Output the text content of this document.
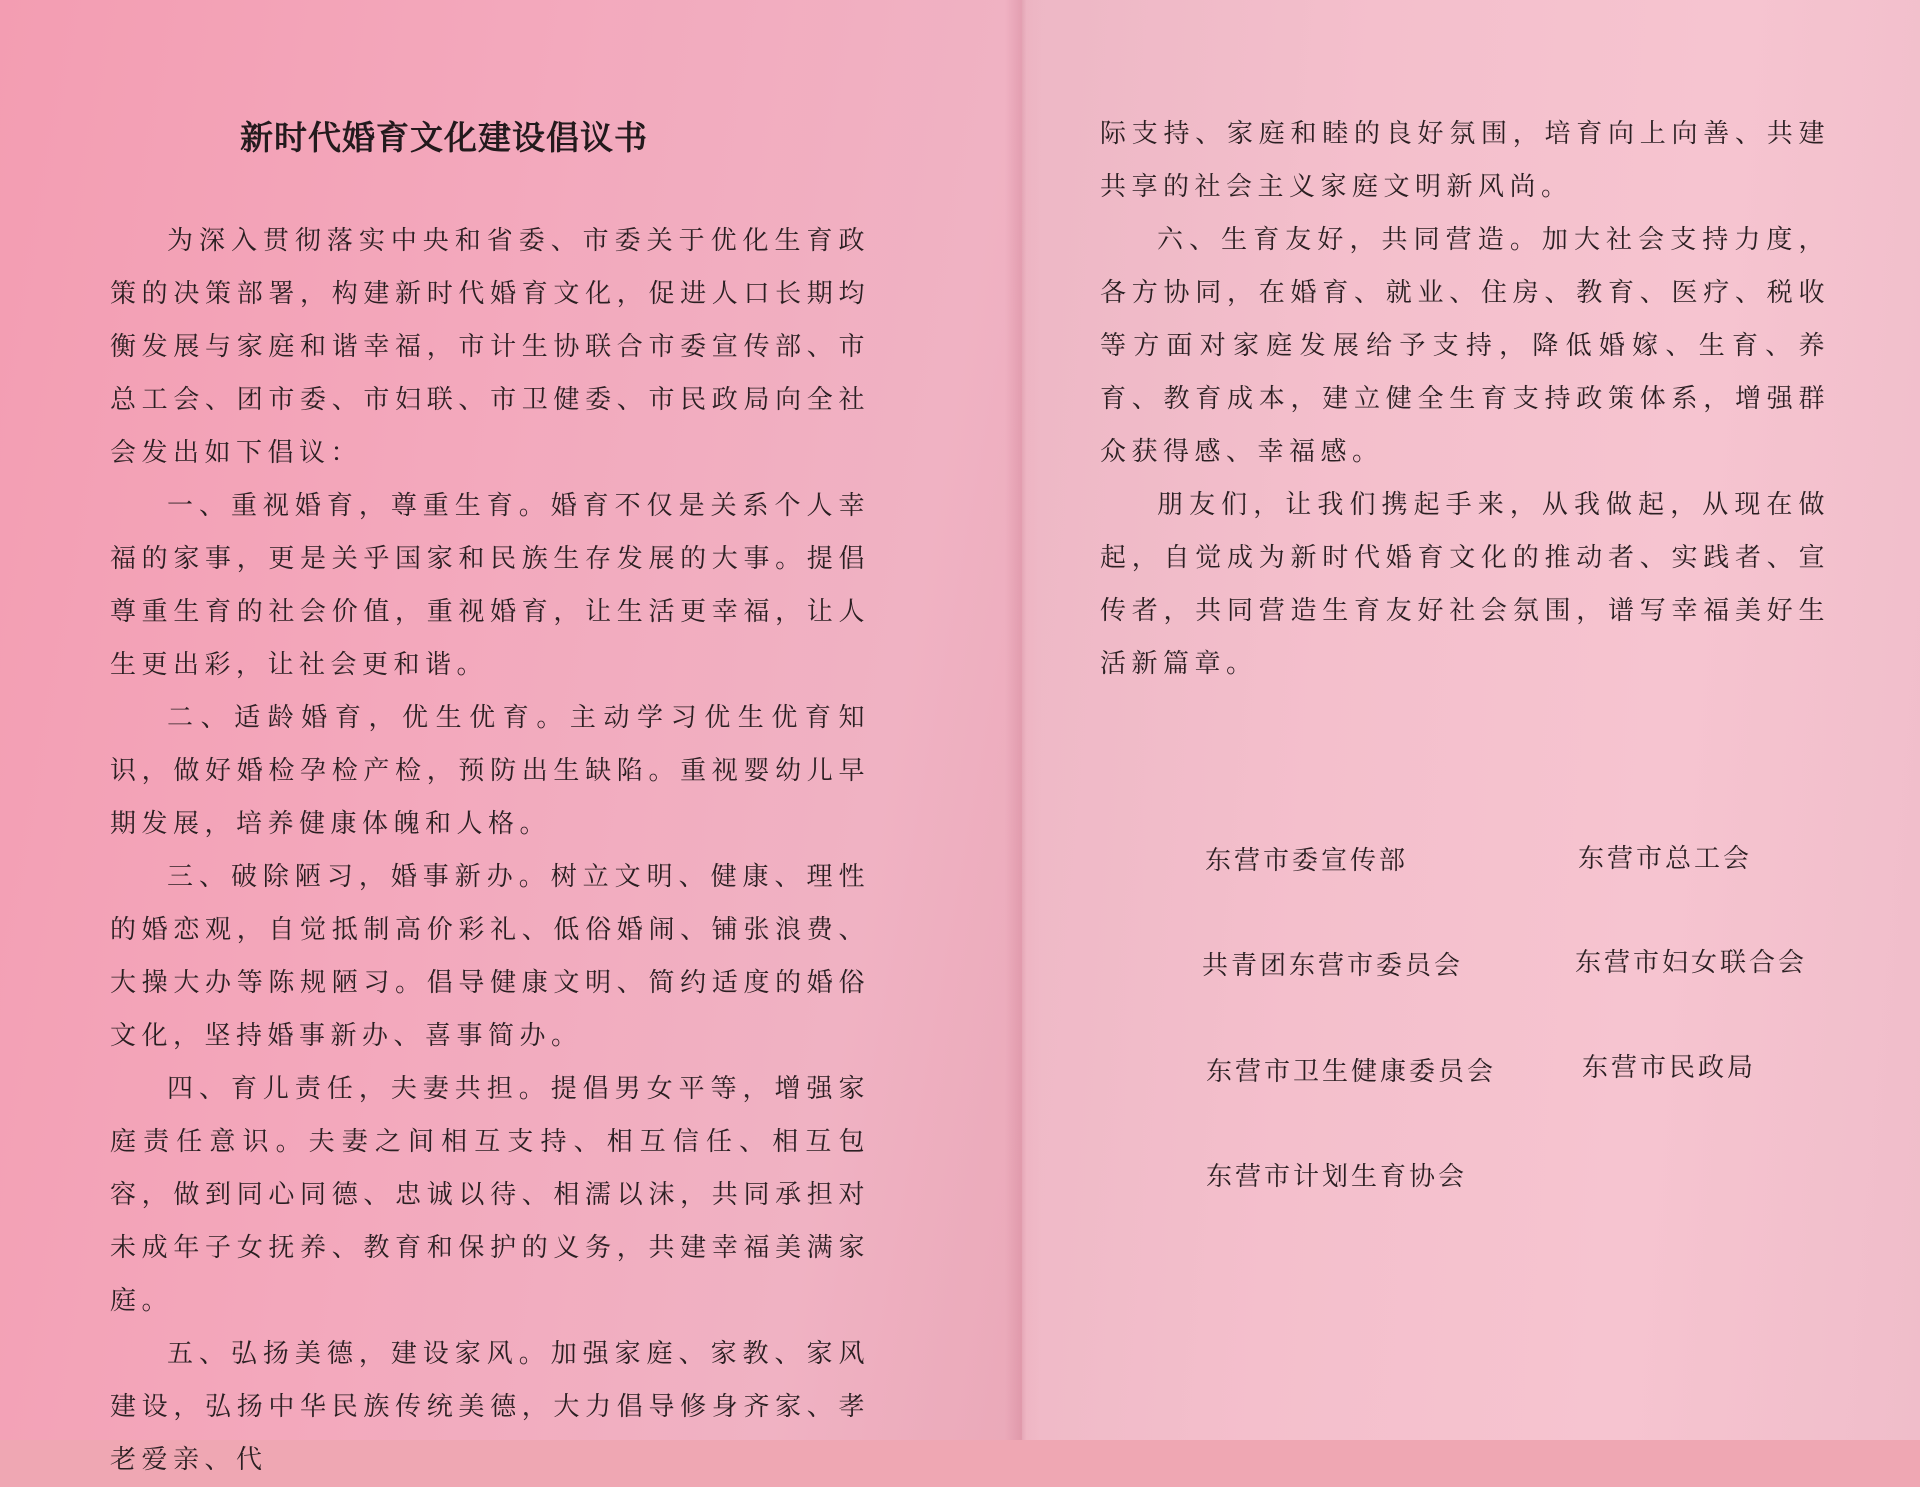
新时代婚育文化建设倡议书

为深入贯彻落实中央和省委、市委关于优化生育政策的决策部署，构建新时代婚育文化，促进人口长期均衡发展与家庭和谐幸福，市计生协联合市委宣传部、市总工会、团市委、市妇联、市卫健委、市民政局向全社会发出如下倡议：

一、重视婚育，尊重生育。婚育不仅是关系个人幸福的家事，更是关乎国家和民族生存发展的大事。提倡尊重生育的社会价值，重视婚育，让生活更幸福，让人生更出彩，让社会更和谐。

二、适龄婚育，优生优育。主动学习优生优育知识，做好婚检孕检产检，预防出生缺陷。重视婴幼儿早期发展，培养健康体魄和人格。

三、破除陋习，婚事新办。树立文明、健康、理性的婚恋观，自觉抵制高价彩礼、低俗婚闹、铺张浪费、大操大办等陈规陋习。倡导健康文明、简约适度的婚俗文化，坚持婚事新办、喜事简办。

四、育儿责任，夫妻共担。提倡男女平等，增强家庭责任意识。夫妻之间相互支持、相互信任、相互包容，做到同心同德、忠诚以待、相濡以沫，共同承担对未成年子女抚养、教育和保护的义务，共建幸福美满家庭。

五、弘扬美德，建设家风。加强家庭、家教、家风建设，弘扬中华民族传统美德，大力倡导修身齐家、孝老爱亲、代

际支持、家庭和睦的良好氛围，培育向上向善、共建共享的社会主义家庭文明新风尚。

六、生育友好，共同营造。加大社会支持力度，各方协同，在婚育、就业、住房、教育、医疗、税收等方面对家庭发展给予支持，降低婚嫁、生育、养育、教育成本，建立健全生育支持政策体系，增强群众获得感、幸福感。

朋友们，让我们携起手来，从我做起，从现在做起，自觉成为新时代婚育文化的推动者、实践者、宣传者，共同营造生育友好社会氛围，谱写幸福美好生活新篇章。

东营市委宣传部	东营市总工会
共青团东营市委员会	东营市妇女联合会
东营市卫生健康委员会	东营市民政局
东营市计划生育协会
